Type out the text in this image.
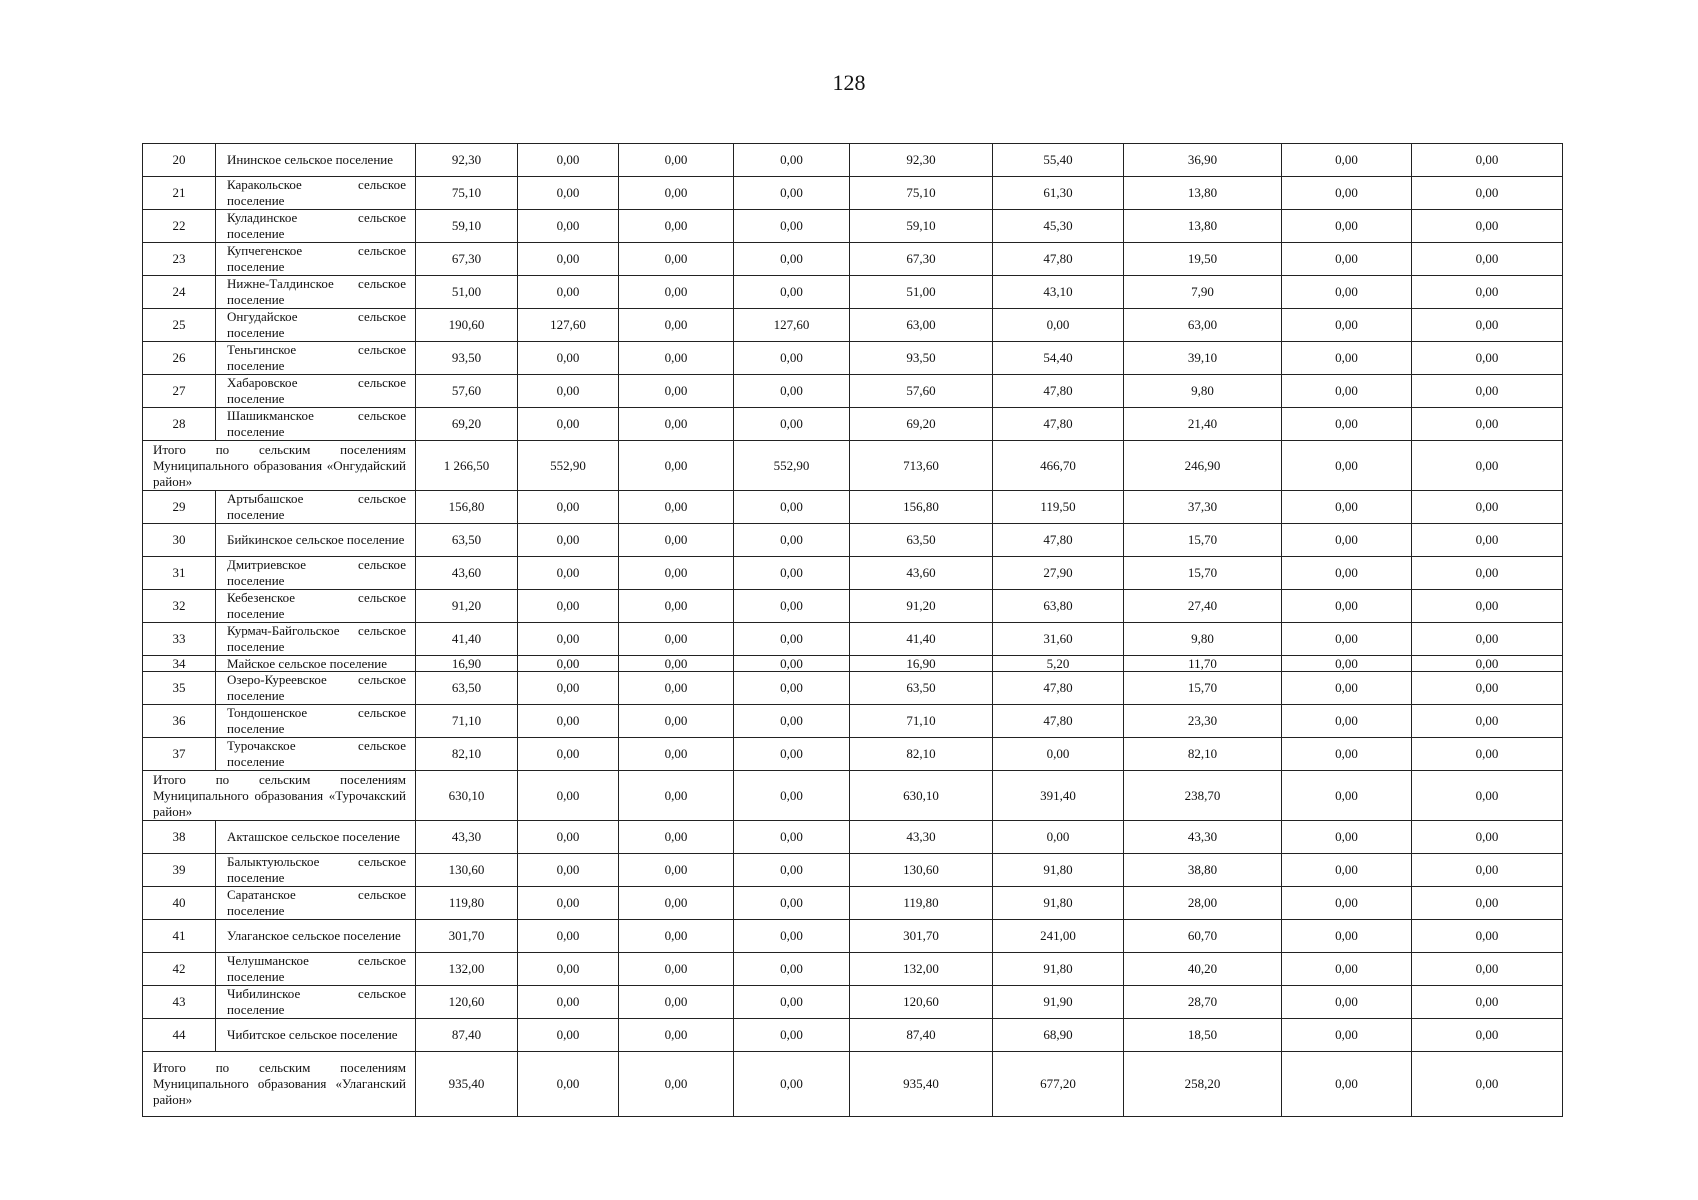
128
20	Ининское сельское поселение	92,30	0,00	0,00	0,00	92,30	55,40	36,90	0,00	0,00
21	Каракольское сельское поселение	75,10	0,00	0,00	0,00	75,10	61,30	13,80	0,00	0,00
22	Куладинское сельское поселение	59,10	0,00	0,00	0,00	59,10	45,30	13,80	0,00	0,00
23	Купчегенское сельское поселение	67,30	0,00	0,00	0,00	67,30	47,80	19,50	0,00	0,00
24	Нижне-Талдинское сельское поселение	51,00	0,00	0,00	0,00	51,00	43,10	7,90	0,00	0,00
25	Онгудайское сельское поселение	190,60	127,60	0,00	127,60	63,00	0,00	63,00	0,00	0,00
26	Теньгинское сельское поселение	93,50	0,00	0,00	0,00	93,50	54,40	39,10	0,00	0,00
27	Хабаровское сельское поселение	57,60	0,00	0,00	0,00	57,60	47,80	9,80	0,00	0,00
28	Шашикманское сельское поселение	69,20	0,00	0,00	0,00	69,20	47,80	21,40	0,00	0,00
Итого по сельским поселениям Муниципального образования «Онгудайский район»		1 266,50	552,90	0,00	552,90	713,60	466,70	246,90	0,00	0,00
29	Артыбашское сельское поселение	156,80	0,00	0,00	0,00	156,80	119,50	37,30	0,00	0,00
30	Бийкинское сельское поселение	63,50	0,00	0,00	0,00	63,50	47,80	15,70	0,00	0,00
31	Дмитриевское сельское поселение	43,60	0,00	0,00	0,00	43,60	27,90	15,70	0,00	0,00
32	Кебезенское сельское поселение	91,20	0,00	0,00	0,00	91,20	63,80	27,40	0,00	0,00
33	Курмач-Байгольское сельское поселение	41,40	0,00	0,00	0,00	41,40	31,60	9,80	0,00	0,00
34	Майское сельское поселение	16,90	0,00	0,00	0,00	16,90	5,20	11,70	0,00	0,00
35	Озеро-Куреевское сельское поселение	63,50	0,00	0,00	0,00	63,50	47,80	15,70	0,00	0,00
36	Тондошенское сельское поселение	71,10	0,00	0,00	0,00	71,10	47,80	23,30	0,00	0,00
37	Турочакское сельское поселение	82,10	0,00	0,00	0,00	82,10	0,00	82,10	0,00	0,00
Итого по сельским поселениям Муниципального образования «Турочакский район»		630,10	0,00	0,00	0,00	630,10	391,40	238,70	0,00	0,00
38	Акташское сельское поселение	43,30	0,00	0,00	0,00	43,30	0,00	43,30	0,00	0,00
39	Балыктуюльское сельское поселение	130,60	0,00	0,00	0,00	130,60	91,80	38,80	0,00	0,00
40	Саратанское сельское поселение	119,80	0,00	0,00	0,00	119,80	91,80	28,00	0,00	0,00
41	Улаганское сельское поселение	301,70	0,00	0,00	0,00	301,70	241,00	60,70	0,00	0,00
42	Челушманское сельское поселение	132,00	0,00	0,00	0,00	132,00	91,80	40,20	0,00	0,00
43	Чибилинское сельское поселение	120,60	0,00	0,00	0,00	120,60	91,90	28,70	0,00	0,00
44	Чибитское сельское поселение	87,40	0,00	0,00	0,00	87,40	68,90	18,50	0,00	0,00
Итого по сельским поселениям Муниципального образования «Улаганский район»		935,40	0,00	0,00	0,00	935,40	677,20	258,20	0,00	0,00
